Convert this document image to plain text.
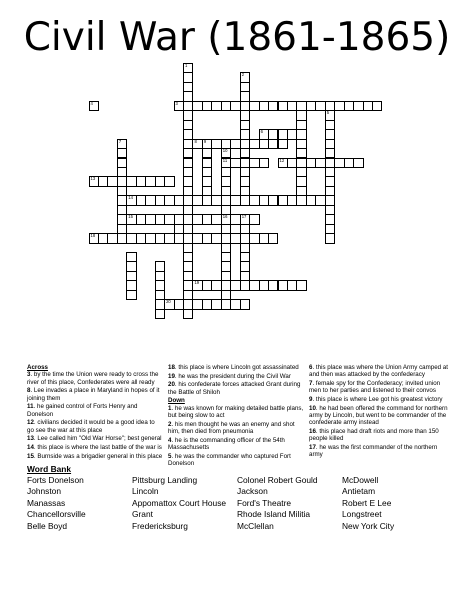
Civil War (1861-1865)
1
2
3
4
5
6
7	8 9
10
11
16
12
13
14
15	17
18
19
20

Across

3. by the time the Union were ready to cross the river of this place, Confederates were all ready

8. Lee invades a place in Maryland in hopes of it joining them

11. he gained control of Forts Henry and Donelson

12. civilians decided it would be a good idea to go see the war at this place

13. Lee called him "Old War Horse"; best general

14. this place is where the last battle of the war is

15. Burnside was a brigadier general in this place

18. this place is where Lincoln got assassinated

19. he was the president during the Civil War

20. his confederate forces attacked Grant during the Battle of Shiloh

Down

1. he was known for making detailed battle plans, but being slow to act

2. his men thought he was an enemy and shot him, then died from pneumonia

4. he is the commanding officer of the 54th Massachusetts

5. he was the commander who captured Fort Donelson

6. this place was where the Union Army camped at and then was attacked by the confederacy

7. female spy for the Confederacy; invited union men to her parties and listened to their convos

9. this place is where Lee got his greatest victory

10. he had been offered the command for northern army by Lincoln, but went to be commander of the confederate army instead

16. this place had draft riots and more than 150 people killed

17. he was the first commander of the northern army

Word Bank
Forts Donelson
Johnston
Manassas
Chancellorsville
Belle Boyd
Pittsburg Landing
Lincoln
Appomattox Court House
Grant
Fredericksburg
Colonel Robert Gould
Jackson
Ford's Theatre
Rhode Island Militia
McClellan
McDowell
Antietam
Robert E Lee
Longstreet
New York City
